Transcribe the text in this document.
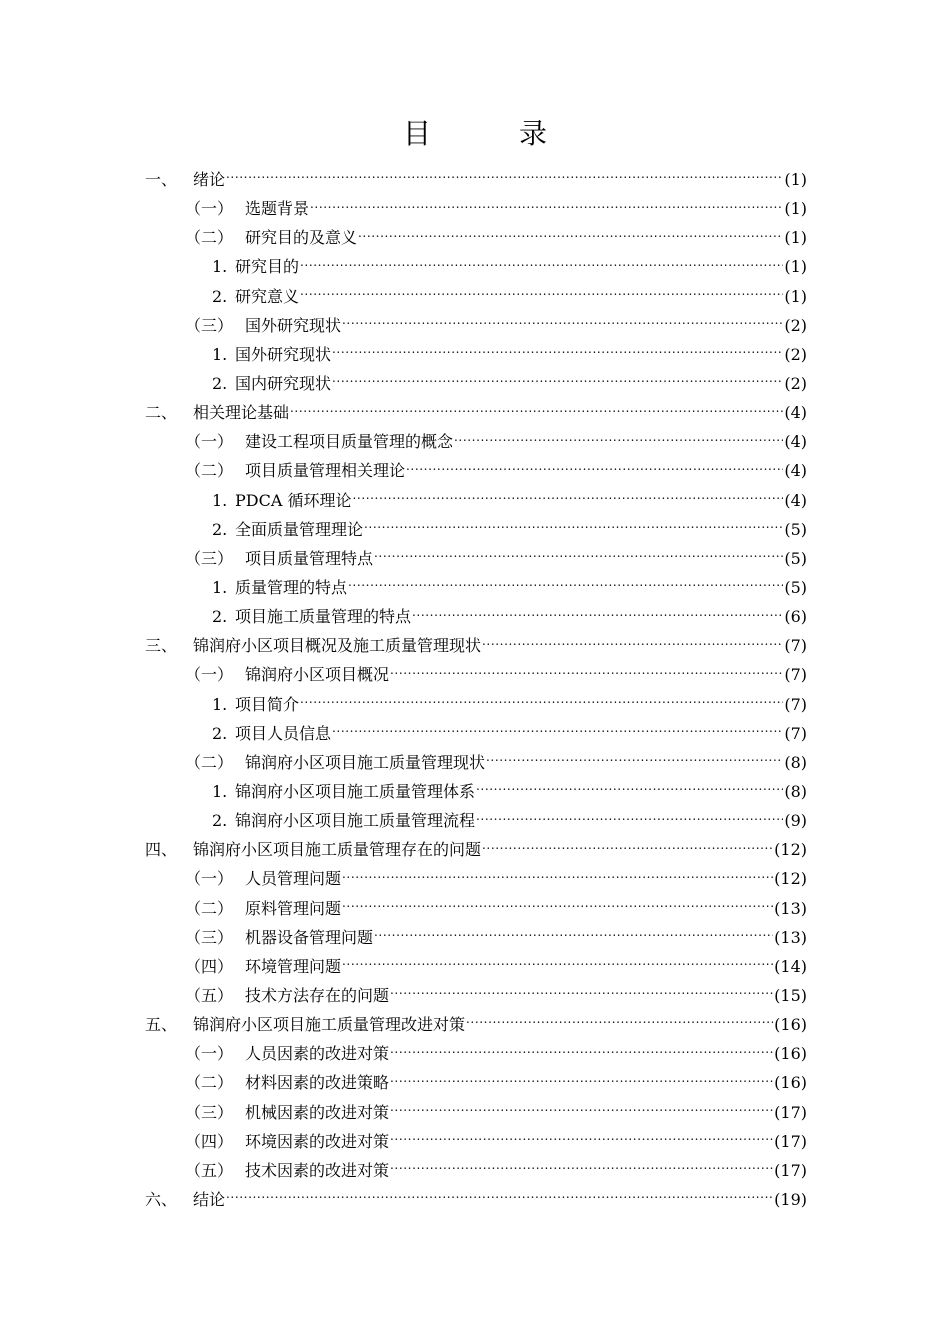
目　录
一、 绪论 .....	(1)
（一） 选题背景 .....	(1)
（二） 研究目的及意义 .....	(1)
1. 研究目的 .....	(1)
2. 研究意义 .....	(1)
（三） 国外研究现状 .....	(2)
1. 国外研究现状 .....	(2)
2. 国内研究现状 .....	(2)
二、 相关理论基础 .....	(4)
（一） 建设工程项目质量管理的概念 .....	(4)
（二） 项目质量管理相关理论 .....	(4)
1. PDCA 循环理论 .....	(4)
2. 全面质量管理理论 .....	(5)
（三） 项目质量管理特点 .....	(5)
1. 质量管理的特点 .....	(5)
2. 项目施工质量管理的特点 .....	(6)
三、 锦润府小区项目概况及施工质量管理现状 .....	(7)
（一） 锦润府小区项目概况 .....	(7)
1. 项目简介 .....	(7)
2. 项目人员信息 .....	(7)
（二） 锦润府小区项目施工质量管理现状 .....	(8)
1. 锦润府小区项目施工质量管理体系 .....	(8)
2. 锦润府小区项目施工质量管理流程 .....	(9)
四、 锦润府小区项目施工质量管理存在的问题 .....	(12)
（一） 人员管理问题 .....	(12)
（二） 原料管理问题 .....	(13)
（三） 机器设备管理问题 .....	(13)
（四） 环境管理问题 .....	(14)
（五） 技术方法存在的问题 .....	(15)
五、 锦润府小区项目施工质量管理改进对策 .....	(16)
（一） 人员因素的改进对策 .....	(16)
（二） 材料因素的改进策略 .....	(16)
（三） 机械因素的改进对策 .....	(17)
（四） 环境因素的改进对策 .....	(17)
（五） 技术因素的改进对策 .....	(17)
六、 结论 .....	(19)
